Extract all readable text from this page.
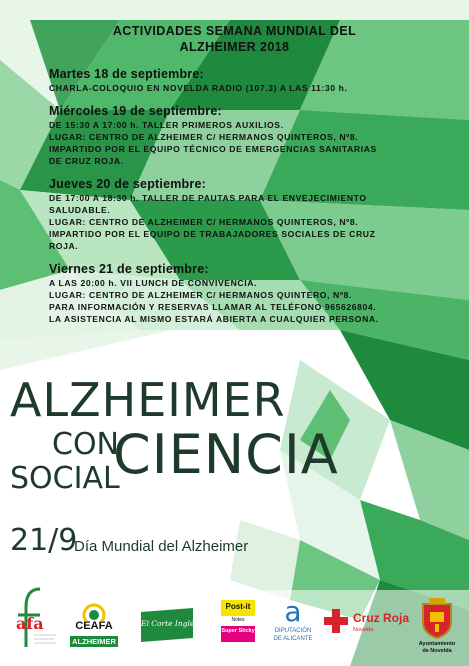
ACTIVIDADES SEMANA MUNDIAL DEL
ALZHEIMER 2018
Martes 18 de septiembre:
CHARLA-COLOQUIO EN NOVELDA RADIO (107.3) A LAS 11:30 h.
Miércoles 19 de septiembre:
DE 15:30 A 17:00 h. TALLER PRIMEROS AUXILIOS.
LUGAR: CENTRO DE ALZHEIMER C/ HERMANOS QUINTEROS, Nº8.
IMPARTIDO POR EL EQUIPO TÉCNICO DE EMERGENCIAS SANITARIAS
DE CRUZ ROJA.
Jueves 20 de septiembre:
DE 17:00 A 18:30 h. TALLER DE PAUTAS PARA EL ENVEJECIMIENTO
SALUDABLE.
LUGAR: CENTRO DE ALZHEIMER C/ HERMANOS QUINTEROS, Nº8.
IMPARTIDO POR EL EQUIPO DE TRABAJADORES SOCIALES DE CRUZ
ROJA.
Viernes 21 de septiembre:
A LAS 20:00 h. VII LUNCH DE CONVIVENCIA.
LUGAR: CENTRO DE ALZHEIMER C/ HERMANOS QUINTERO, Nº8.
PARA INFORMACIÓN Y RESERVAS LLAMAR AL TELÉFONO 965626804.
LA ASISTENCIA AL MISMO ESTARÁ ABIERTA A CUALQUIER PERSONA.
ALZHEIMER
CON
SOCIAL
CIENCIA
21/9
Día Mundial del Alzheimer
afa	CEAFA
ALZHEIMER
El Corte Inglés
Post-it
Notes
Super Sticky
a
DIPUTACIÓN
DE ALICANTE
Cruz Roja
Novelda
Ayuntamiento
de Novelda
